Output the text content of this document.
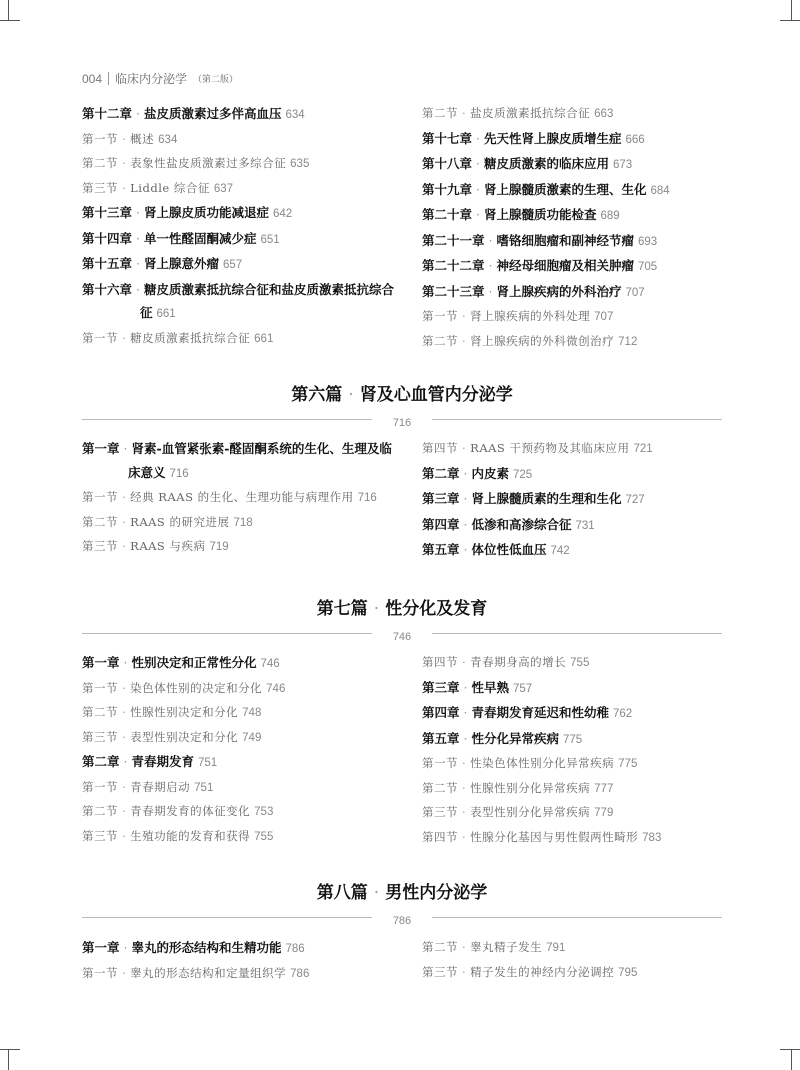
004 临床内分泌学 （第二版）
第十二章 · 盐皮质激素过多伴高血压 634
第一节 · 概述 634
第二节 · 表象性盐皮质激素过多综合征 635
第三节 · Liddle 综合征 637
第十三章 · 肾上腺皮质功能减退症 642
第十四章 · 单一性醛固酮减少症 651
第十五章 · 肾上腺意外瘤 657
第十六章 · 糖皮质激素抵抗综合征和盐皮质激素抵抗综合
征 661
第一节 · 糖皮质激素抵抗综合征 661
第二节 · 盐皮质激素抵抗综合征 663
第十七章 · 先天性肾上腺皮质增生症 666
第十八章 · 糖皮质激素的临床应用 673
第十九章 · 肾上腺髓质激素的生理、生化 684
第二十章 · 肾上腺髓质功能检查 689
第二十一章 · 嗜铬细胞瘤和副神经节瘤 693
第二十二章 · 神经母细胞瘤及相关肿瘤 705
第二十三章 · 肾上腺疾病的外科治疗 707
第一节 · 肾上腺疾病的外科处理 707
第二节 · 肾上腺疾病的外科微创治疗 712
第六篇 · 肾及心血管内分泌学
716
第一章 · 肾素-血管紧张素-醛固酮系统的生化、生理及临
床意义 716
第一节 · 经典 RAAS 的生化、生理功能与病理作用 716
第二节 · RAAS 的研究进展 718
第三节 · RAAS 与疾病 719
第四节 · RAAS 干预药物及其临床应用 721
第二章 · 内皮素 725
第三章 · 肾上腺髓质素的生理和生化 727
第四章 · 低渗和高渗综合征 731
第五章 · 体位性低血压 742
第七篇 · 性分化及发育
746
第一章 · 性别决定和正常性分化 746
第一节 · 染色体性别的决定和分化 746
第二节 · 性腺性别决定和分化 748
第三节 · 表型性别决定和分化 749
第二章 · 青春期发育 751
第一节 · 青春期启动 751
第二节 · 青春期发育的体征变化 753
第三节 · 生殖功能的发育和获得 755
第四节 · 青春期身高的增长 755
第三章 · 性早熟 757
第四章 · 青春期发育延迟和性幼稚 762
第五章 · 性分化异常疾病 775
第一节 · 性染色体性别分化异常疾病 775
第二节 · 性腺性别分化异常疾病 777
第三节 · 表型性别分化异常疾病 779
第四节 · 性腺分化基因与男性假两性畸形 783
第八篇 · 男性内分泌学
786
第一章 · 睾丸的形态结构和生精功能 786
第一节 · 睾丸的形态结构和定量组织学 786
第二节 · 睾丸精子发生 791
第三节 · 精子发生的神经内分泌调控 795
